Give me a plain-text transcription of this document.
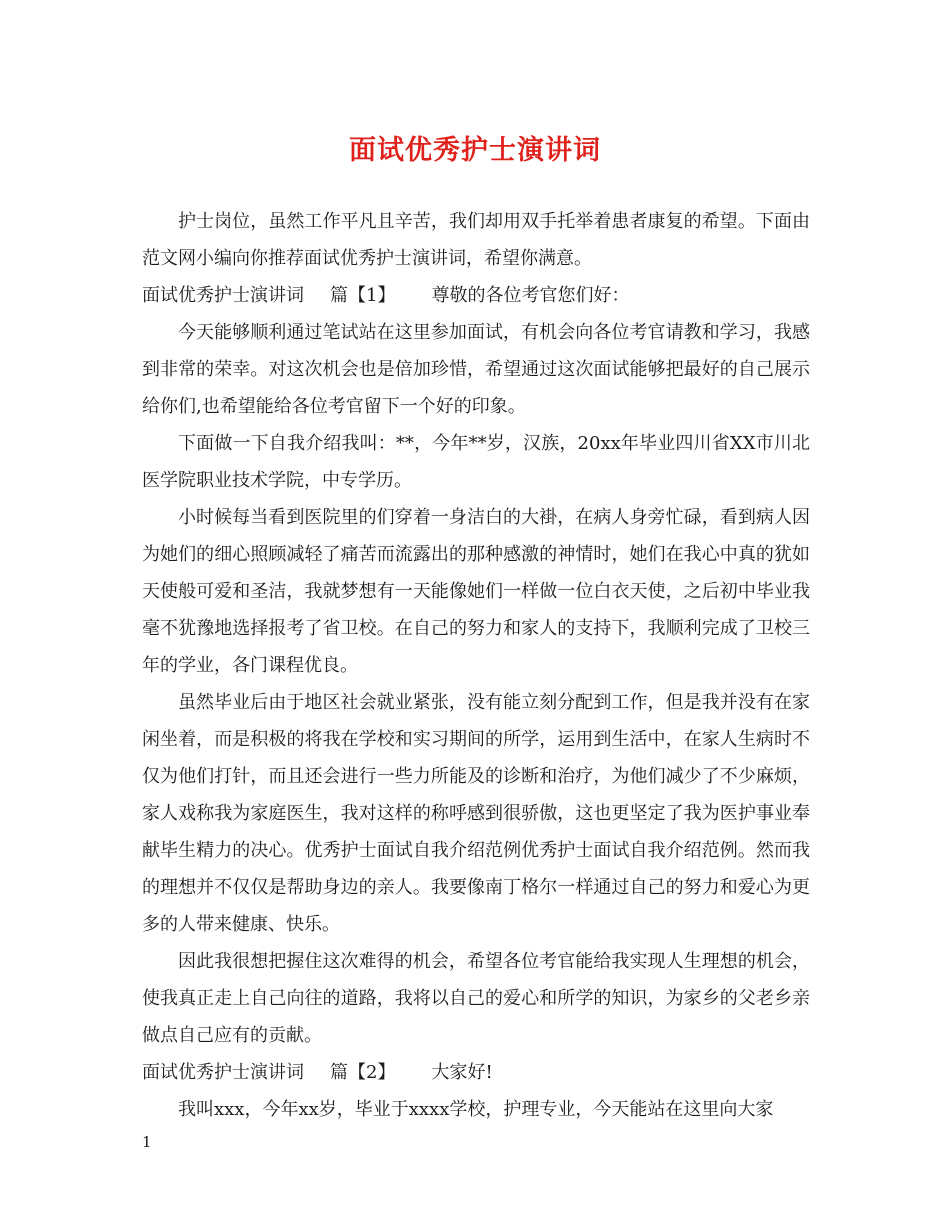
面试优秀护士演讲词

护士岗位，虽然工作平凡且辛苦，我们却用双手托举着患者康复的希望。下面由范文网小编向你推荐面试优秀护士演讲词，希望你满意。

面试优秀护士演讲词 篇【1】 尊敬的各位考官您们好：

今天能够顺利通过笔试站在这里参加面试，有机会向各位考官请教和学习，我感到非常的荣幸。对这次机会也是倍加珍惜，希望通过这次面试能够把最好的自己展示给你们,也希望能给各位考官留下一个好的印象。

下面做一下自我介绍我叫：**，今年**岁，汉族，20xx年毕业四川省XX市川北医学院职业技术学院，中专学历。

小时候每当看到医院里的们穿着一身洁白的大褂，在病人身旁忙碌，看到病人因为她们的细心照顾减轻了痛苦而流露出的那种感激的神情时，她们在我心中真的犹如天使般可爱和圣洁，我就梦想有一天能像她们一样做一位白衣天使，之后初中毕业我毫不犹豫地选择报考了省卫校。在自己的努力和家人的支持下，我顺利完成了卫校三年的学业，各门课程优良。

虽然毕业后由于地区社会就业紧张，没有能立刻分配到工作，但是我并没有在家闲坐着，而是积极的将我在学校和实习期间的所学，运用到生活中，在家人生病时不仅为他们打针，而且还会进行一些力所能及的诊断和治疗，为他们减少了不少麻烦，家人戏称我为家庭医生，我对这样的称呼感到很骄傲，这也更坚定了我为医护事业奉献毕生精力的决心。优秀护士面试自我介绍范例优秀护士面试自我介绍范例。然而我的理想并不仅仅是帮助身边的亲人。我要像南丁格尔一样通过自己的努力和爱心为更多的人带来健康、快乐。

因此我很想把握住这次难得的机会，希望各位考官能给我实现人生理想的机会，使我真正走上自己向往的道路，我将以自己的爱心和所学的知识，为家乡的父老乡亲做点自己应有的贡献。

面试优秀护士演讲词 篇【2】 大家好!

我叫xxx，今年xx岁，毕业于xxxx学校，护理专业，今天能站在这里向大家

1
